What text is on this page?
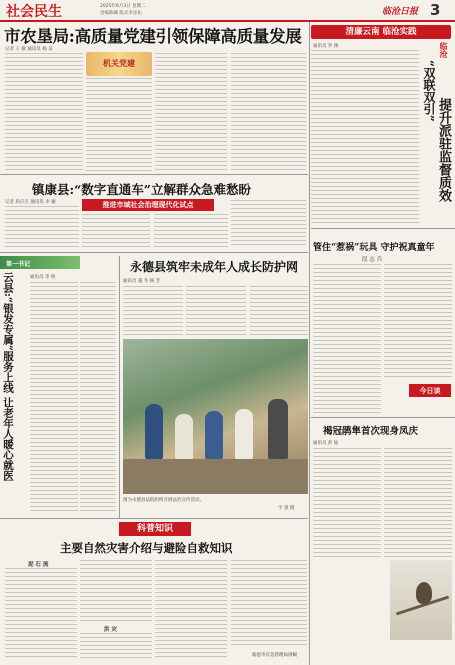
社会民生	2025年6月3日 星期二
责编陈曦 版式李彦佑	临沧日报 3
市农垦局:高质量党建引领保障高质量发展
记者 王 敏 通讯员 杨 美
机关党建
清廉云南 临沧实践
通讯员 罗 俊	临沧
“双联双引”
提升派驻监督质效
镇康县:“数字直通车”立解群众急难愁盼
推进市域社会治理现代化试点
记者 段应召 通讯员 李 娅
第一书记
云县:“银发专属”服务上线 让老年人暖心就医	通讯员 李 娇
永德县筑牢未成年人成长防护网
通讯员 董 冬 杨 芳
图为永德县法院组织开展法治宣传活动。
字 睿 摄
管住“惹祸”玩具 守护祝真童年
段 志 兵
今日谈
褐冠鹃隼首次现身凤庆
通讯员 彭 灿
科普知识
主要自然灾害介绍与避险自救知识
泥 石 流
洪 灾
临沧市应急管理局供稿
